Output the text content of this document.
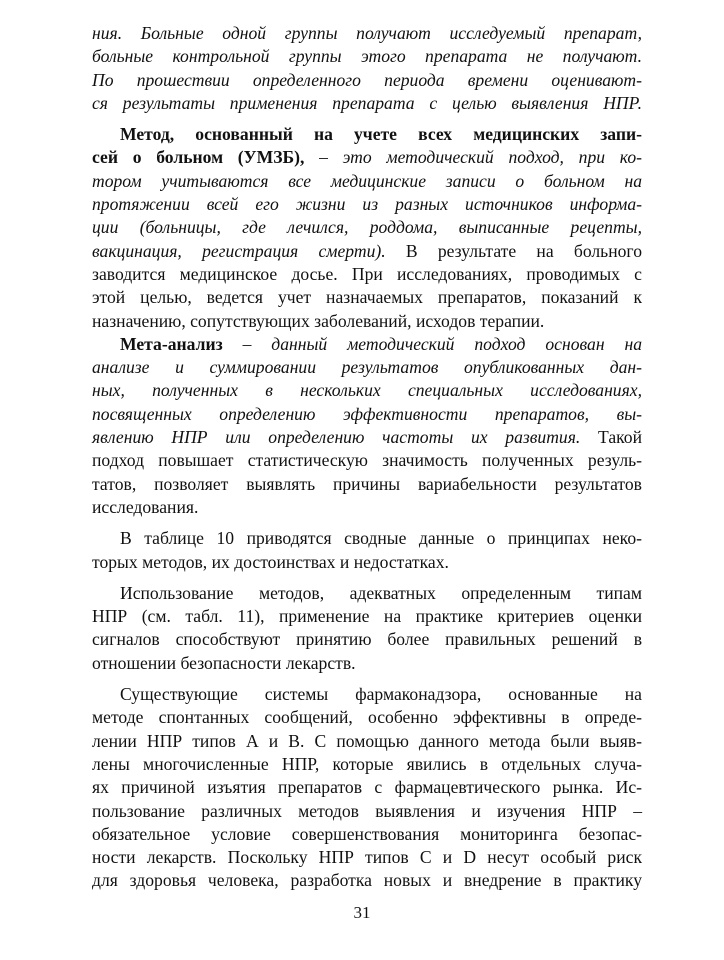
ния. Больные одной группы получают исследуемый препарат,
больные контрольной группы этого препарата не получают.
По прошествии определенного периода времени оценивают-
ся результаты применения препарата с целью выявления НПР.
Метод, основанный на учете всех медицинских запи-
сей о больном (УМЗБ), – это методический подход, при ко-
тором учитываются все медицинские записи о больном на
протяжении всей его жизни из разных источников информа-
ции (больницы, где лечился, роддома, выписанные рецепты,
вакцинация, регистрация смерти). В результате на больного
заводится медицинское досье. При исследованиях, проводимых с
этой целью, ведется учет назначаемых препаратов, показаний к
назначению, сопутствующих заболеваний, исходов терапии.
Мета-анализ – данный методический подход основан на
анализе и суммировании результатов опубликованных дан-
ных, полученных в нескольких специальных исследованиях,
посвященных определению эффективности препаратов, вы-
явлению НПР или определению частоты их развития. Такой
подход повышает статистическую значимость полученных резуль-
татов, позволяет выявлять причины вариабельности результатов
исследования.
В таблице 10 приводятся сводные данные о принципах неко-
торых методов, их достоинствах и недостатках.
Использование методов, адекватных определенным типам
НПР (см. табл. 11), применение на практике критериев оценки
сигналов способствуют принятию более правильных решений в
отношении безопасности лекарств.
Существующие системы фармаконадзора, основанные на
методе спонтанных сообщений, особенно эффективны в опреде-
лении НПР типов А и В. С помощью данного метода были выяв-
лены многочисленные НПР, которые явились в отдельных случа-
ях причиной изъятия препаратов с фармацевтического рынка. Ис-
пользование различных методов выявления и изучения НПР –
обязательное условие совершенствования мониторинга безопас-
ности лекарств. Поскольку НПР типов С и D несут особый риск
для здоровья человека, разработка новых и внедрение в практику
31
